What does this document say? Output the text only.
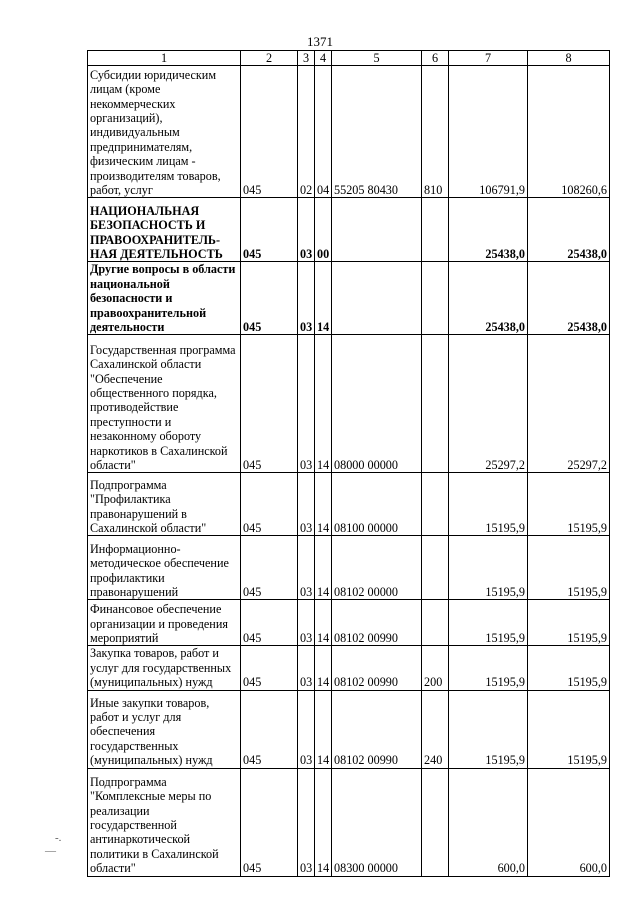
1371
1	2	3	4	5	6	7	8
Субсидии юридическим лицам (кроме некоммерческих организаций), индивидуальным предпринимателям, физическим лицам - производителям товаров, работ, услуг	045	02	04	55205 80430	810	106791,9	108260,6
НАЦИОНАЛЬНАЯ БЕЗОПАСНОСТЬ И ПРАВООХРАНИТЕЛЬ-НАЯ ДЕЯТЕЛЬНОСТЬ	045	03	00			25438,0	25438,0
Другие вопросы в области национальной безопасности и правоохранительной деятельности	045	03	14			25438,0	25438,0
Государственная программа Сахалинской области "Обеспечение общественного порядка, противодействие преступности и незаконному обороту наркотиков в Сахалинской области"	045	03	14	08000 00000		25297,2	25297,2
Подпрограмма "Профилактика правонарушений в Сахалинской области"	045	03	14	08100 00000		15195,9	15195,9
Информационно-методическое обеспечение профилактики правонарушений	045	03	14	08102 00000		15195,9	15195,9
Финансовое обеспечение организации и проведения мероприятий	045	03	14	08102 00990		15195,9	15195,9
Закупка товаров, работ и услуг для государственных (муниципальных) нужд	045	03	14	08102 00990	200	15195,9	15195,9
Иные закупки товаров, работ и услуг для обеспечения государственных (муниципальных) нужд	045	03	14	08102 00990	240	15195,9	15195,9
Подпрограмма "Комплексные меры по реализации государственной антинаркотической политики в Сахалинской области"	045	03	14	08300 00000		600,0	600,0
-.
—
